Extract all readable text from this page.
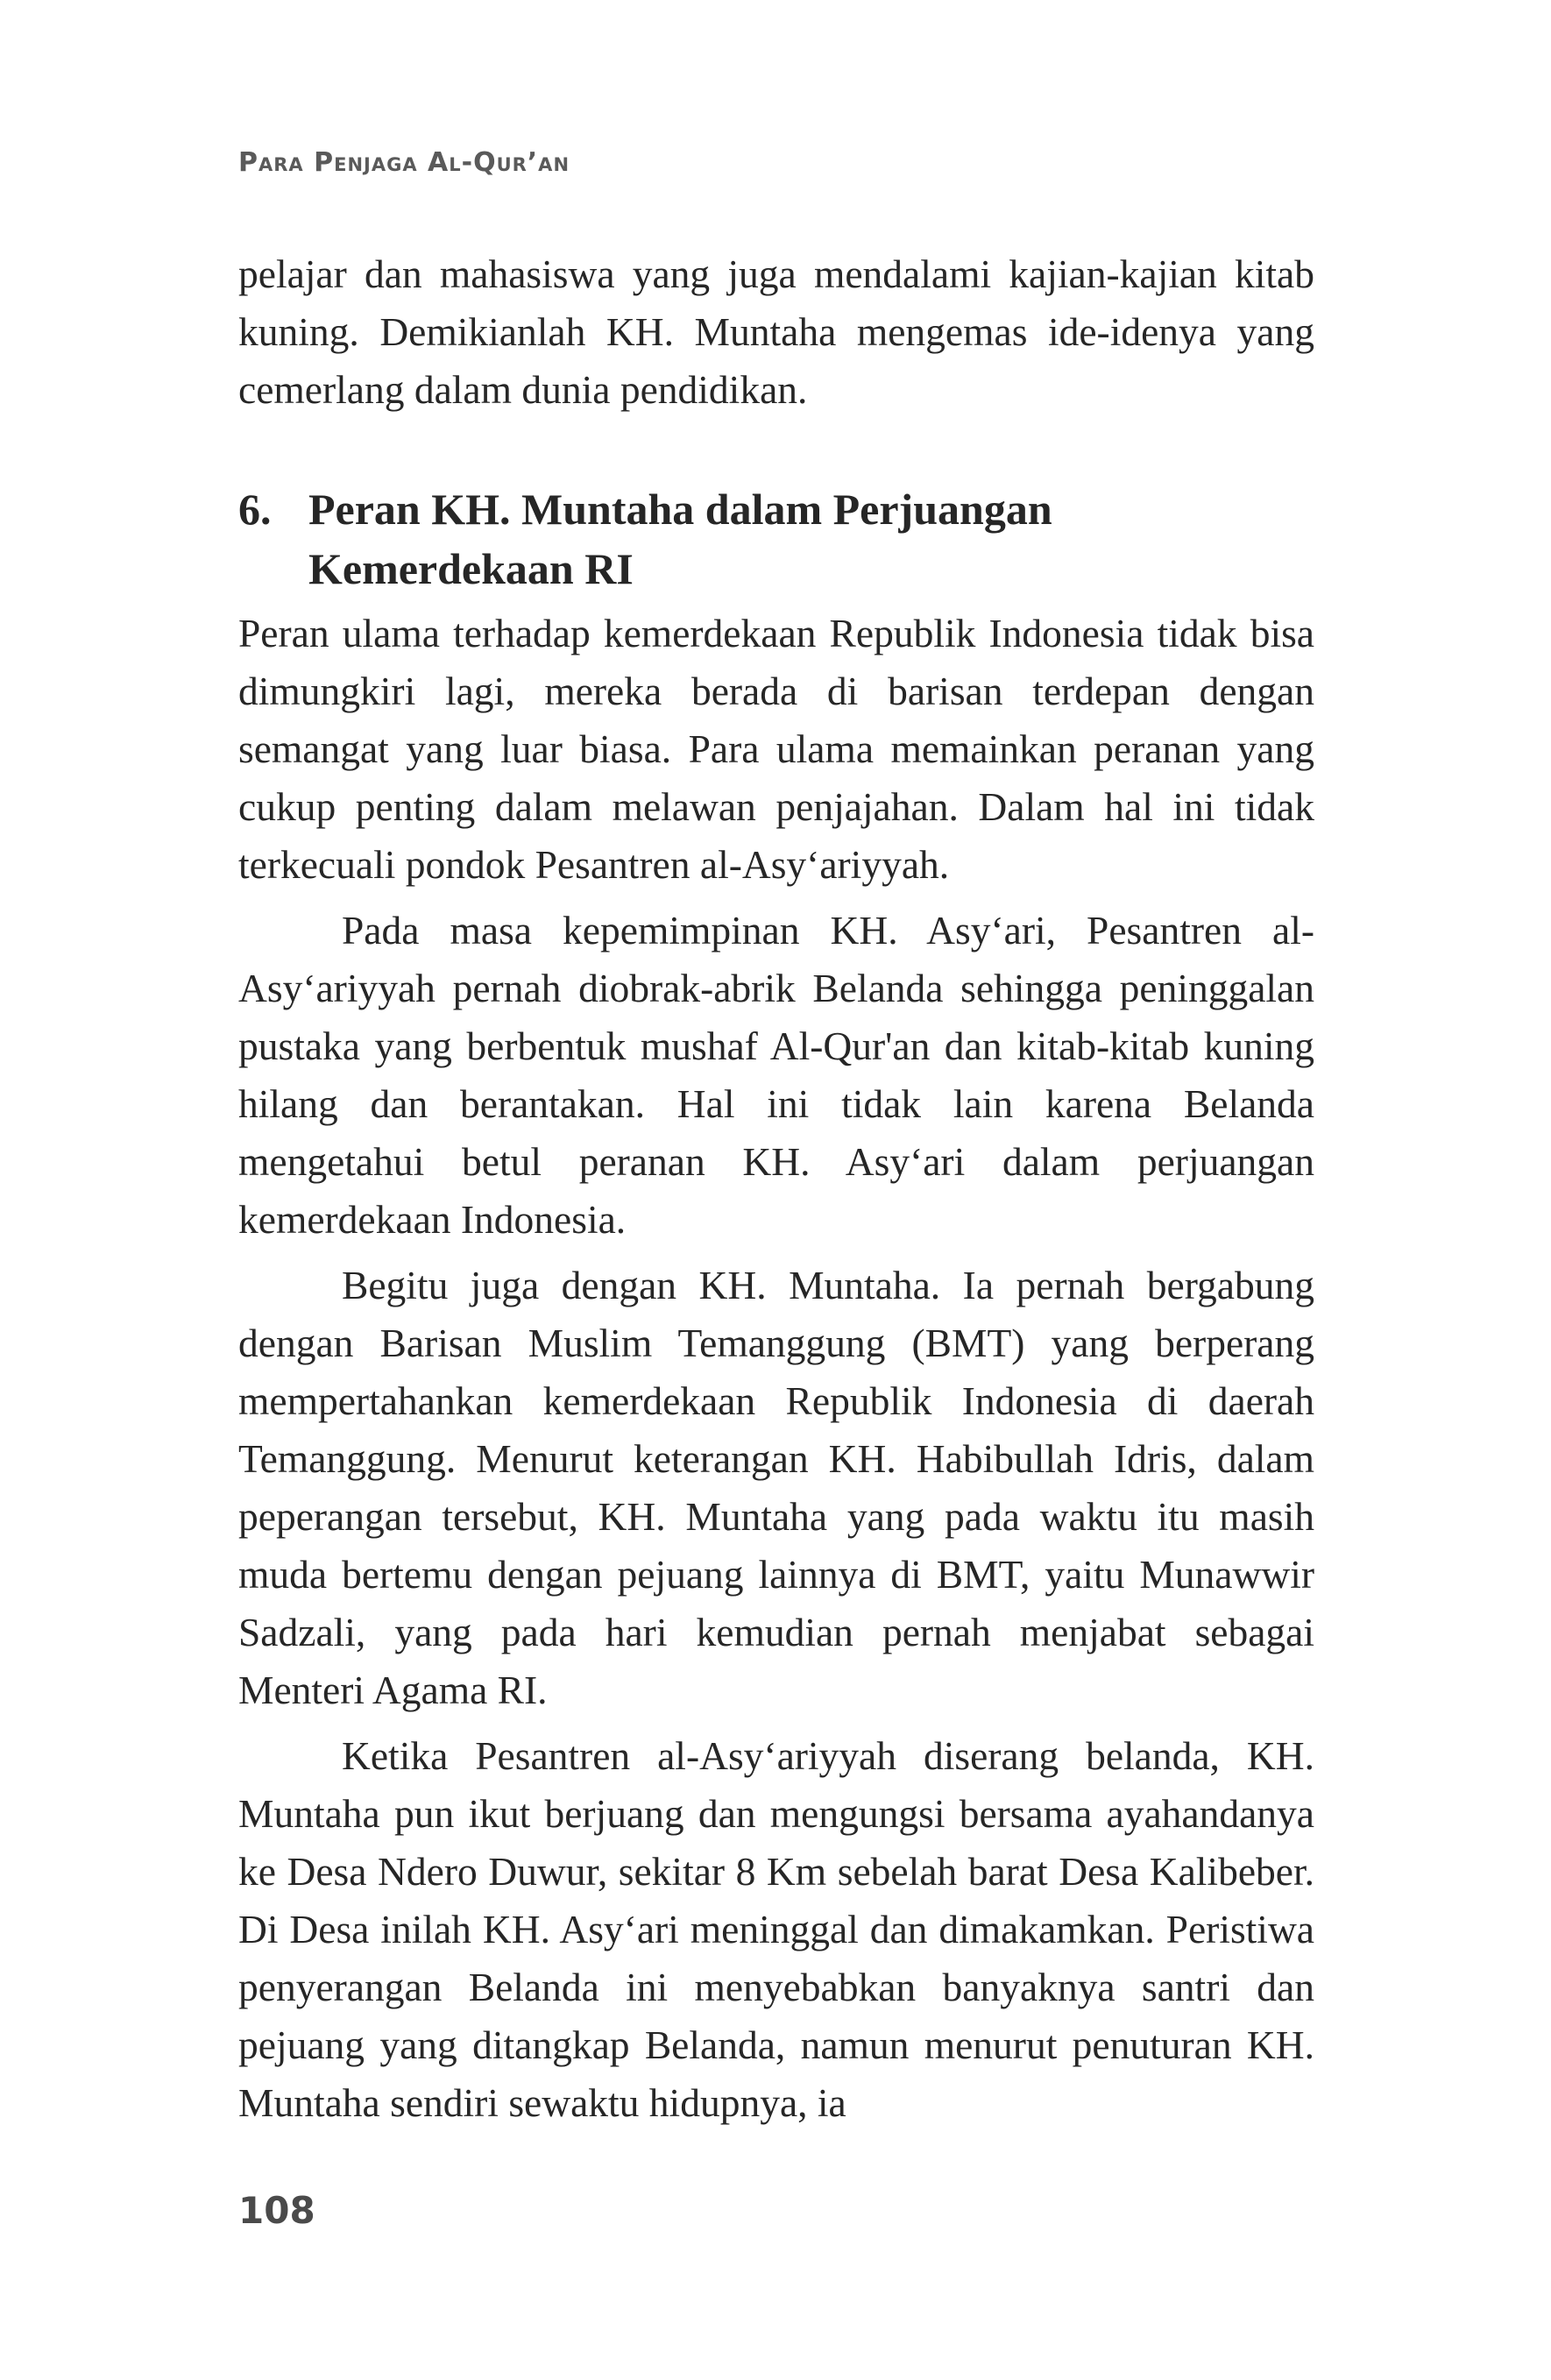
Para Penjaga Al-Qur’an

pelajar dan mahasiswa yang juga mendalami kajian-kajian kitab kuning. Demikianlah KH. Muntaha mengemas ide-idenya yang cemerlang dalam dunia pendidikan.

6. Peran KH. Muntaha dalam Perjuangan Kemerdekaan RI

Peran ulama terhadap kemerdekaan Republik Indonesia tidak bisa dimungkiri lagi, mereka berada di barisan terdepan dengan semangat yang luar biasa. Para ulama memainkan peranan yang cukup penting dalam melawan penjajahan. Dalam hal ini tidak terkecuali pondok Pesantren al-Asy‘ariyyah.

Pada masa kepemimpinan KH. Asy‘ari, Pesantren al-Asy‘ariyyah pernah diobrak-abrik Belanda sehingga peninggalan pustaka yang berbentuk mushaf Al-Qur'an dan kitab-kitab kuning hilang dan berantakan. Hal ini tidak lain karena Belanda mengetahui betul peranan KH. Asy‘ari dalam perjuangan kemerdekaan Indonesia.

Begitu juga dengan KH. Muntaha. Ia pernah bergabung dengan Barisan Muslim Temanggung (BMT) yang berperang mempertahankan kemerdekaan Republik Indonesia di daerah Temanggung. Menurut keterangan KH. Habibullah Idris, dalam peperangan tersebut, KH. Muntaha yang pada waktu itu masih muda bertemu dengan pejuang lainnya di BMT, yaitu Munawwir Sadzali, yang pada hari kemudian pernah menjabat sebagai Menteri Agama RI.

Ketika Pesantren al-Asy‘ariyyah diserang belanda, KH. Muntaha pun ikut berjuang dan mengungsi bersama ayahandanya ke Desa Ndero Duwur, sekitar 8 Km sebelah barat Desa Kalibeber. Di Desa inilah KH. Asy‘ari meninggal dan dimakamkan. Peristiwa penyerangan Belanda ini menyebabkan banyaknya santri dan pejuang yang ditangkap Belanda, namun menurut penuturan KH. Muntaha sendiri sewaktu hidupnya, ia

108
